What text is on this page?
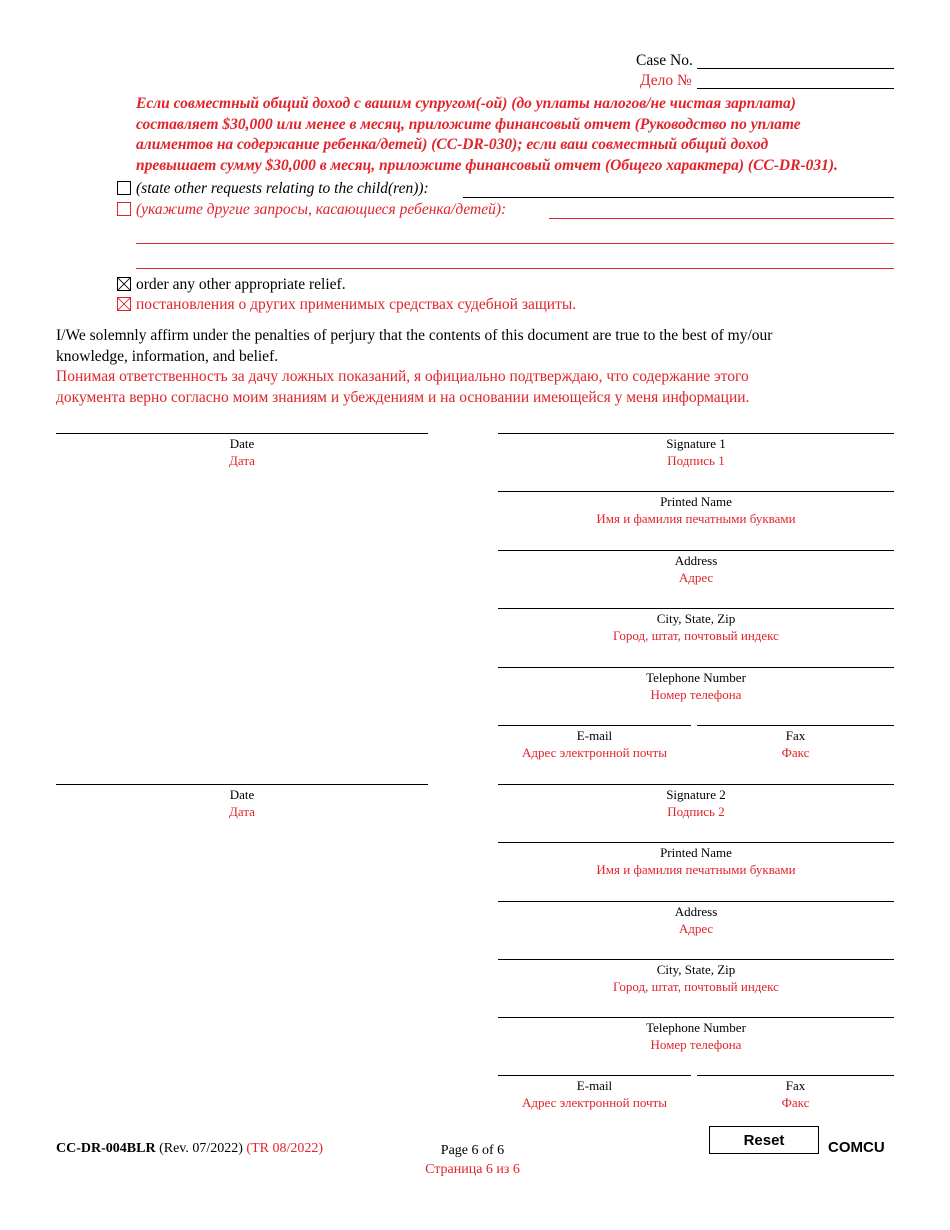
Case No.
Дело №
Если совместный общий доход с вашим супругом(-ой) (до уплаты налогов/не чистая зарплата)
составляет $30,000 или менее в месяц, приложите финансовый отчет (Руководство по уплате
алиментов на содержание ребенка/детей) (CC-DR-030); если ваш совместный общий доход
превышает сумму $30,000 в месяц, приложите финансовый отчет (Общего характера) (CC-DR-031).
(state other requests relating to the child(ren)):
(укажите другие запросы, касающиеся ребенка/детей):
order any other appropriate relief.
постановления о других применимых средствах судебной защиты.
I/We solemnly affirm under the penalties of perjury that the contents of this document are true to the best of my/our
knowledge, information, and belief.
Понимая ответственность за дачу ложных показаний, я официально подтверждаю, что содержание этого
документа верно согласно моим знаниям и убеждениям и на основании имеющейся у меня информации.
Date
Дата
Signature 1
Подпись 1
Printed Name
Имя и фамилия печатными буквами
Address
Адрес
City, State, Zip
Город, штат, почтовый индекс
Telephone Number
Номер телефона
E-mail
Адрес электронной почты
Fax
Факс
Date
Дата
Signature 2
Подпись 2
Printed Name
Имя и фамилия печатными буквами
Address
Адрес
City, State, Zip
Город, штат, почтовый индекс
Telephone Number
Номер телефона
E-mail
Адрес электронной почты
Fax
Факс
CC-DR-004BLR (Rev. 07/2022) (TR 08/2022)	Page 6 of 6
Страница 6 из 6
Reset	COMCU
